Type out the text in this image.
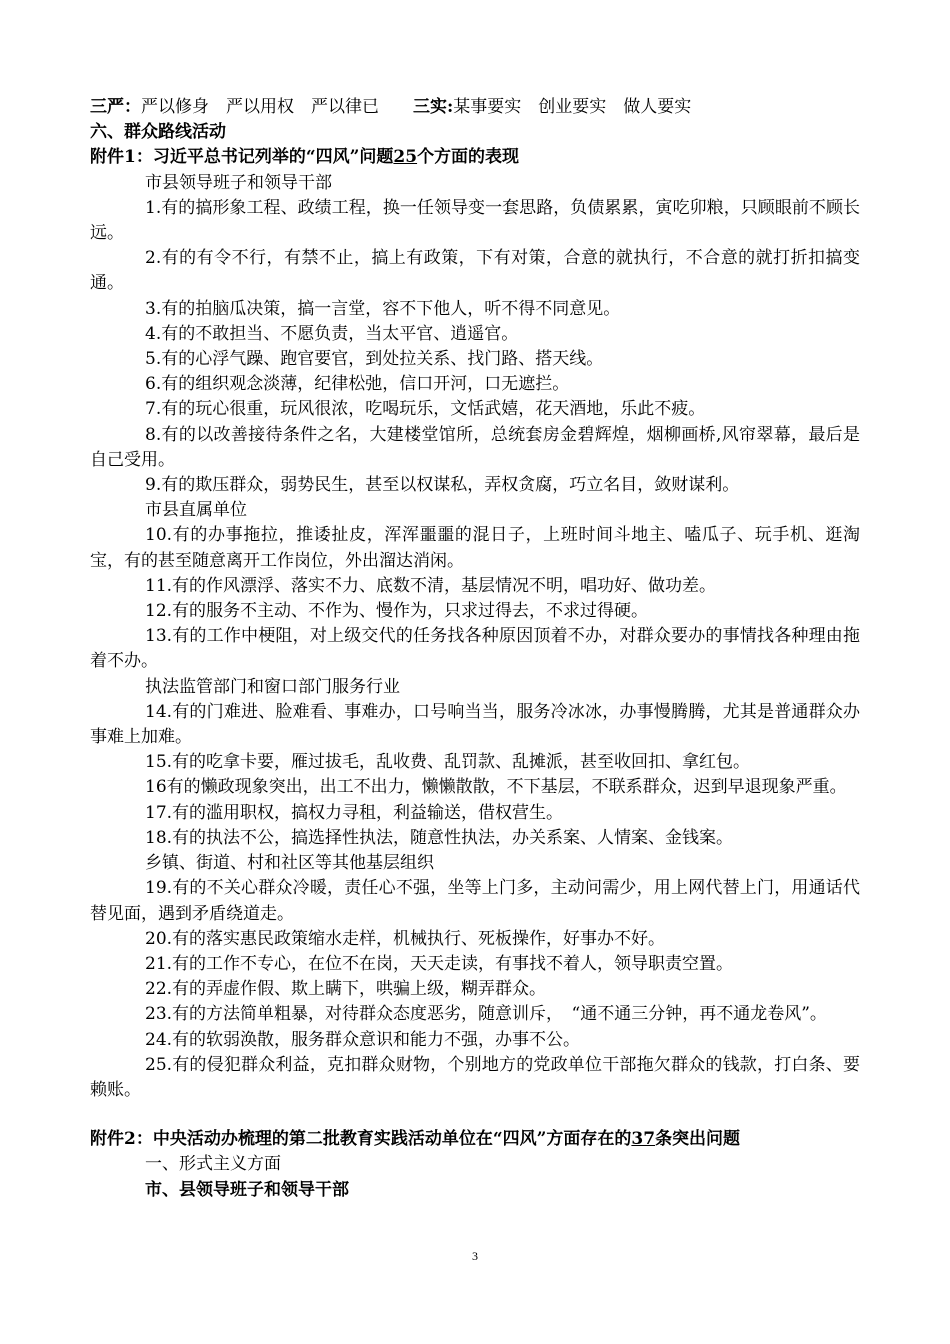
三严：严以修身　严以用权　严以律已　　三实:某事要实　创业要实　做人要实
六、群众路线活动
附件1：习近平总书记列举的“四风”问题25个方面的表现
市县领导班子和领导干部
1.有的搞形象工程、政绩工程，换一任领导变一套思路，负债累累，寅吃卯粮，只顾眼前不顾长远。
2.有的有令不行，有禁不止，搞上有政策，下有对策，合意的就执行，不合意的就打折扣搞变通。
3.有的拍脑瓜决策，搞一言堂，容不下他人，听不得不同意见。
4.有的不敢担当、不愿负责，当太平官、逍遥官。
5.有的心浮气躁、跑官要官，到处拉关系、找门路、搭天线。
6.有的组织观念淡薄，纪律松弛，信口开河，口无遮拦。
7.有的玩心很重，玩风很浓，吃喝玩乐，文恬武嬉，花天酒地，乐此不疲。
8.有的以改善接待条件之名，大建楼堂馆所，总统套房金碧辉煌，烟柳画桥,风帘翠幕，最后是自己受用。
9.有的欺压群众，弱势民生，甚至以权谋私，弄权贪腐，巧立名目，敛财谋利。
市县直属单位
10.有的办事拖拉，推诿扯皮，浑浑噩噩的混日子，上班时间斗地主、嗑瓜子、玩手机、逛淘宝，有的甚至随意离开工作岗位，外出溜达消闲。
11.有的作风漂浮、落实不力、底数不清，基层情况不明，唱功好、做功差。
12.有的服务不主动、不作为、慢作为，只求过得去，不求过得硬。
13.有的工作中梗阻，对上级交代的任务找各种原因顶着不办，对群众要办的事情找各种理由拖着不办。
执法监管部门和窗口部门服务行业
14.有的门难进、脸难看、事难办，口号响当当，服务冷冰冰，办事慢腾腾，尤其是普通群众办事难上加难。
15.有的吃拿卡要，雁过拔毛，乱收费、乱罚款、乱摊派，甚至收回扣、拿红包。
16有的懒政现象突出，出工不出力，懒懒散散，不下基层，不联系群众，迟到早退现象严重。
17.有的滥用职权，搞权力寻租，利益输送，借权营生。
18.有的执法不公，搞选择性执法，随意性执法，办关系案、人情案、金钱案。
乡镇、街道、村和社区等其他基层组织
19.有的不关心群众冷暖，责任心不强，坐等上门多，主动问需少，用上网代替上门，用通话代替见面，遇到矛盾绕道走。
20.有的落实惠民政策缩水走样，机械执行、死板操作，好事办不好。
21.有的工作不专心，在位不在岗，天天走读，有事找不着人，领导职责空置。
22.有的弄虚作假、欺上瞒下，哄骗上级，糊弄群众。
23.有的方法简单粗暴，对待群众态度恶劣，随意训斥，　“通不通三分钟，再不通龙卷风”。
24.有的软弱涣散，服务群众意识和能力不强，办事不公。
25.有的侵犯群众利益，克扣群众财物，个别地方的党政单位干部拖欠群众的钱款，打白条、要赖账。
附件2：中央活动办梳理的第二批教育实践活动单位在“四风”方面存在的37条突出问题
一、形式主义方面
市、县领导班子和领导干部
3
